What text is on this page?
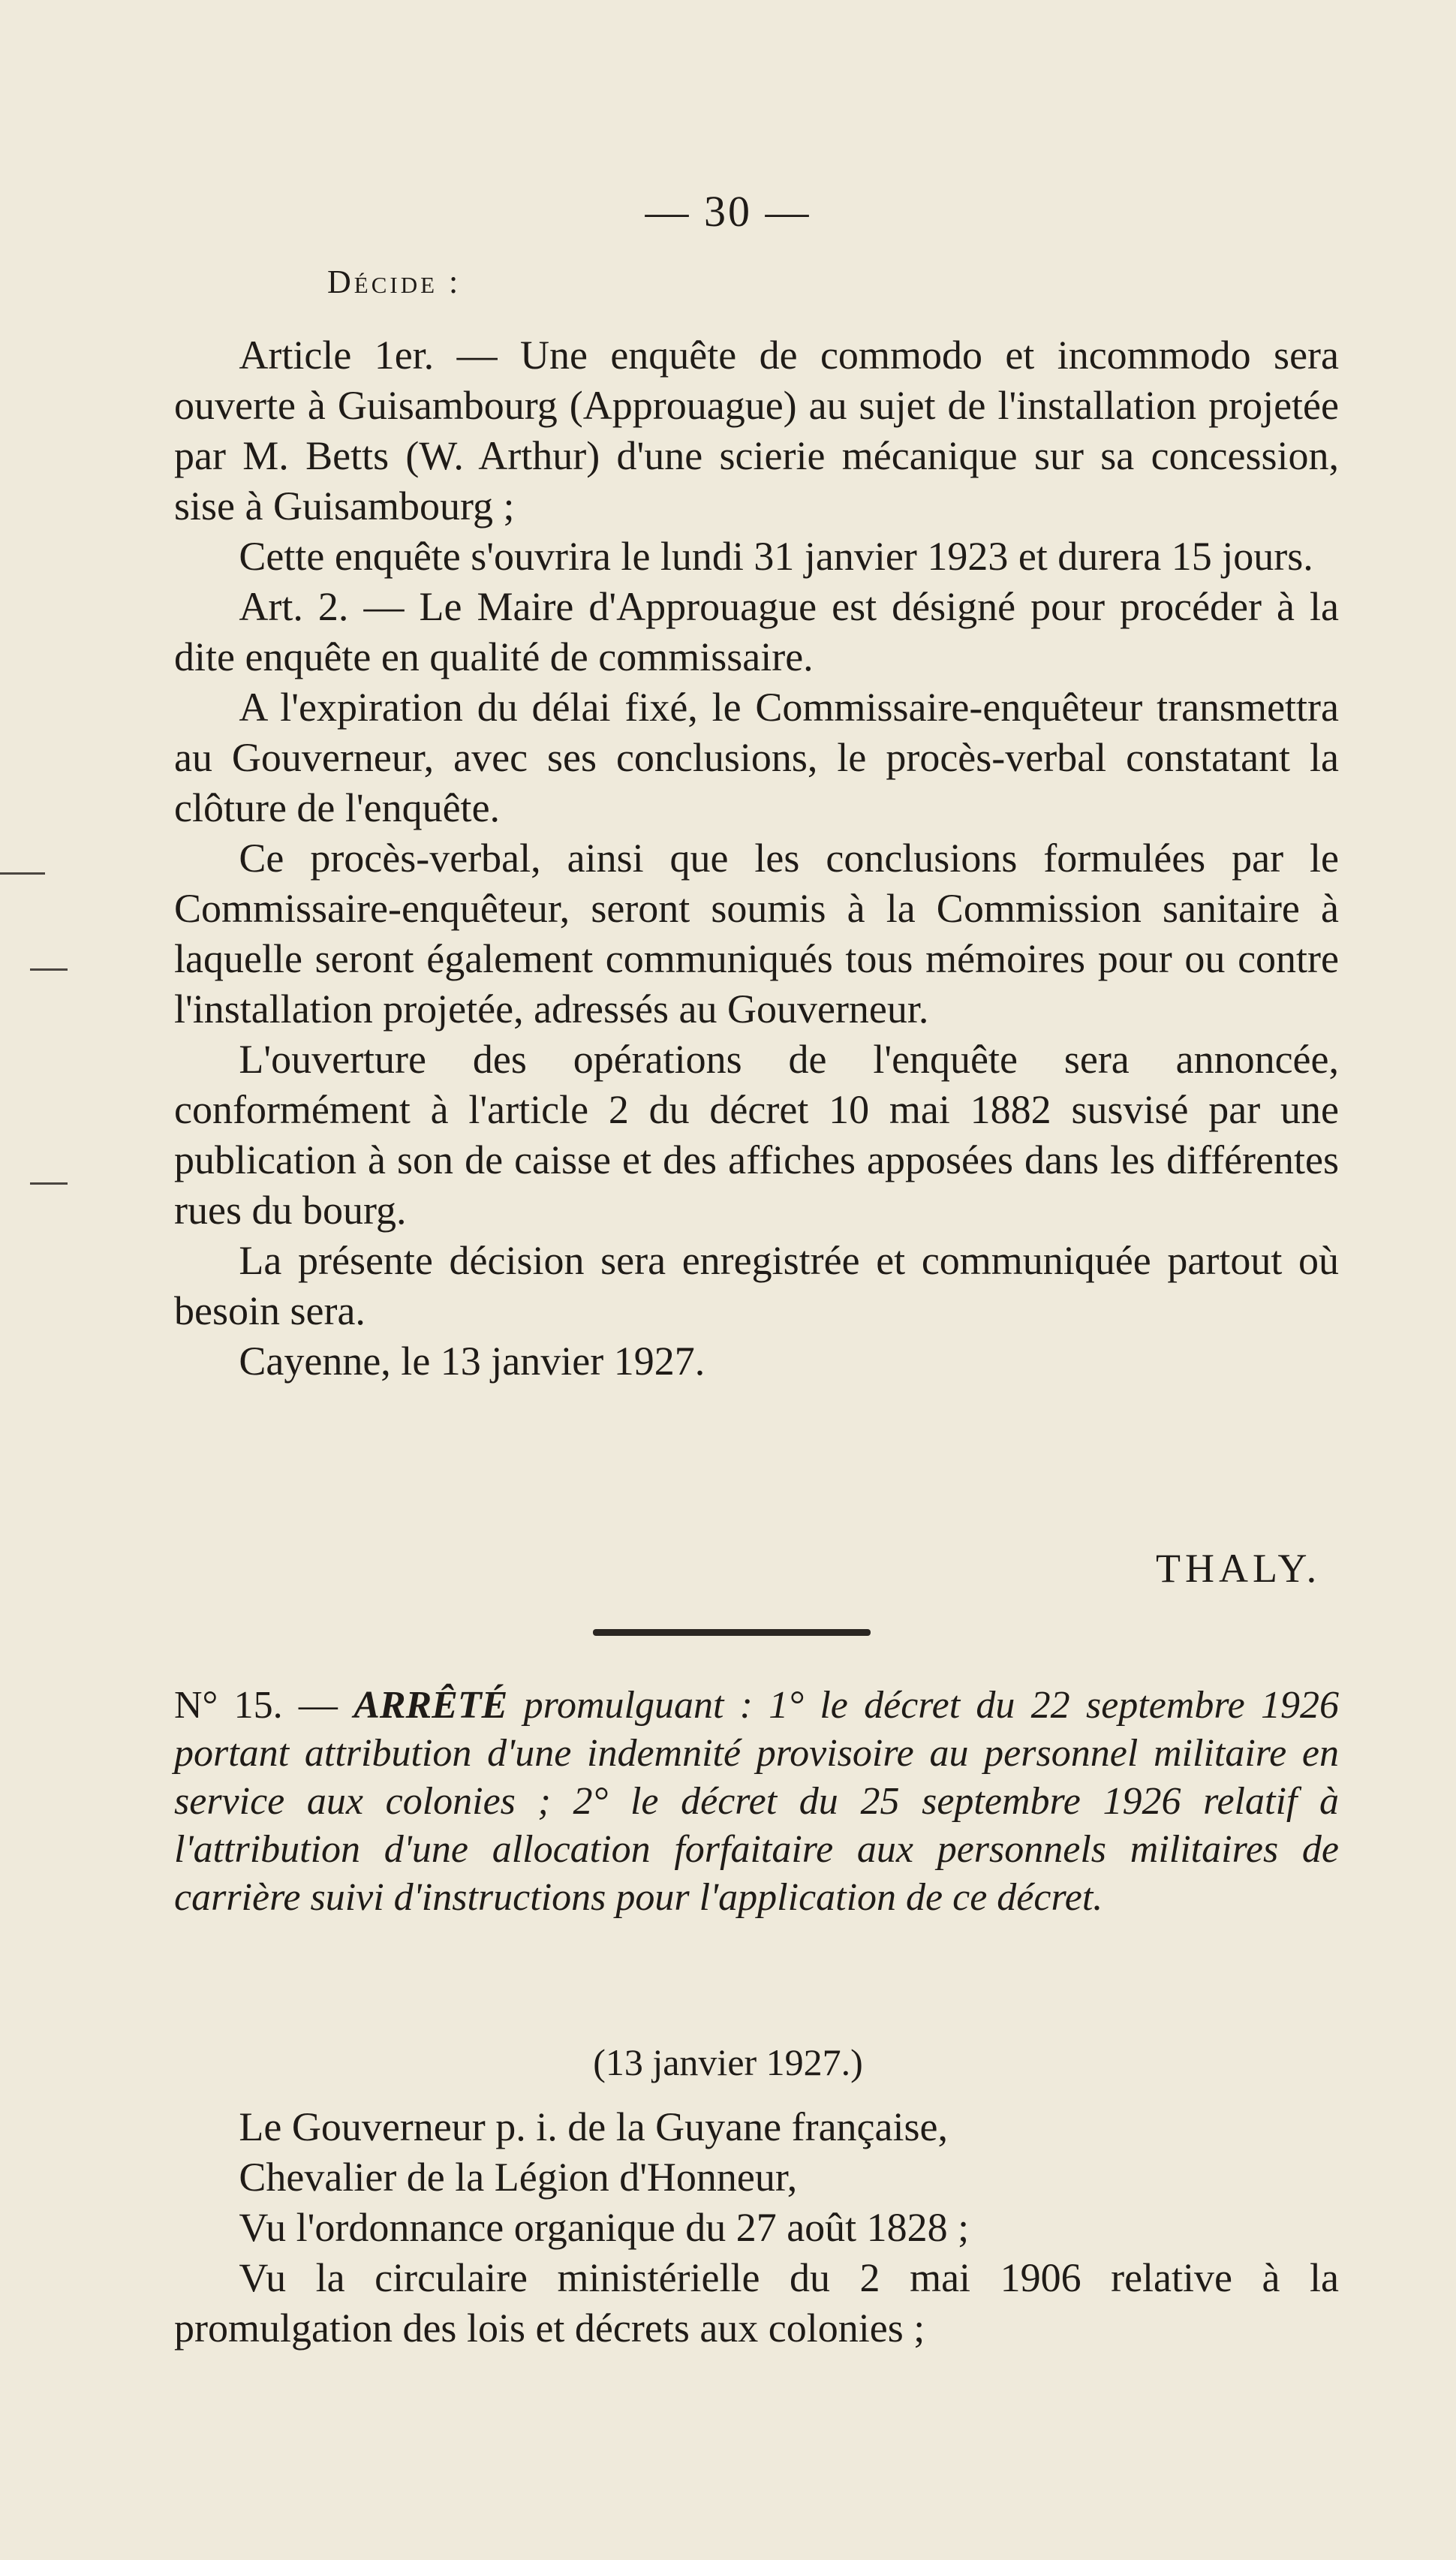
— 30 —
Décide :

Article 1er. — Une enquête de commodo et incommodo sera ouverte à Guisambourg (Approuague) au sujet de l'installation projetée par M. Betts (W. Arthur) d'une scierie mécanique sur sa concession, sise à Guisambourg ;

Cette enquête s'ouvrira le lundi 31 janvier 1923 et durera 15 jours.

Art. 2. — Le Maire d'Approuague est désigné pour procéder à la dite enquête en qualité de commissaire.

A l'expiration du délai fixé, le Commissaire-enquêteur transmettra au Gouverneur, avec ses conclusions, le procès-verbal constatant la clôture de l'enquête.

Ce procès-verbal, ainsi que les conclusions formulées par le Commissaire-enquêteur, seront soumis à la Commission sanitaire à laquelle seront également communiqués tous mémoires pour ou contre l'installation projetée, adressés au Gouverneur.

L'ouverture des opérations de l'enquête sera annoncée, conformément à l'article 2 du décret 10 mai 1882 susvisé par une publication à son de caisse et des affiches apposées dans les différentes rues du bourg.

La présente décision sera enregistrée et communiquée partout où besoin sera.

Cayenne, le 13 janvier 1927.

THALY.

N° 15. — ARRÊTÉ promulguant : 1° le décret du 22 septembre 1926 portant attribution d'une indemnité provisoire au personnel militaire en service aux colonies ; 2° le décret du 25 septembre 1926 relatif à l'attribution d'une allocation forfaitaire aux personnels militaires de carrière suivi d'instructions pour l'application de ce décret.

(13 janvier 1927.)

Le Gouverneur p. i. de la Guyane française,

Chevalier de la Légion d'Honneur,

Vu l'ordonnance organique du 27 août 1828 ;

Vu la circulaire ministérielle du 2 mai 1906 relative à la promulgation des lois et décrets aux colonies ;
